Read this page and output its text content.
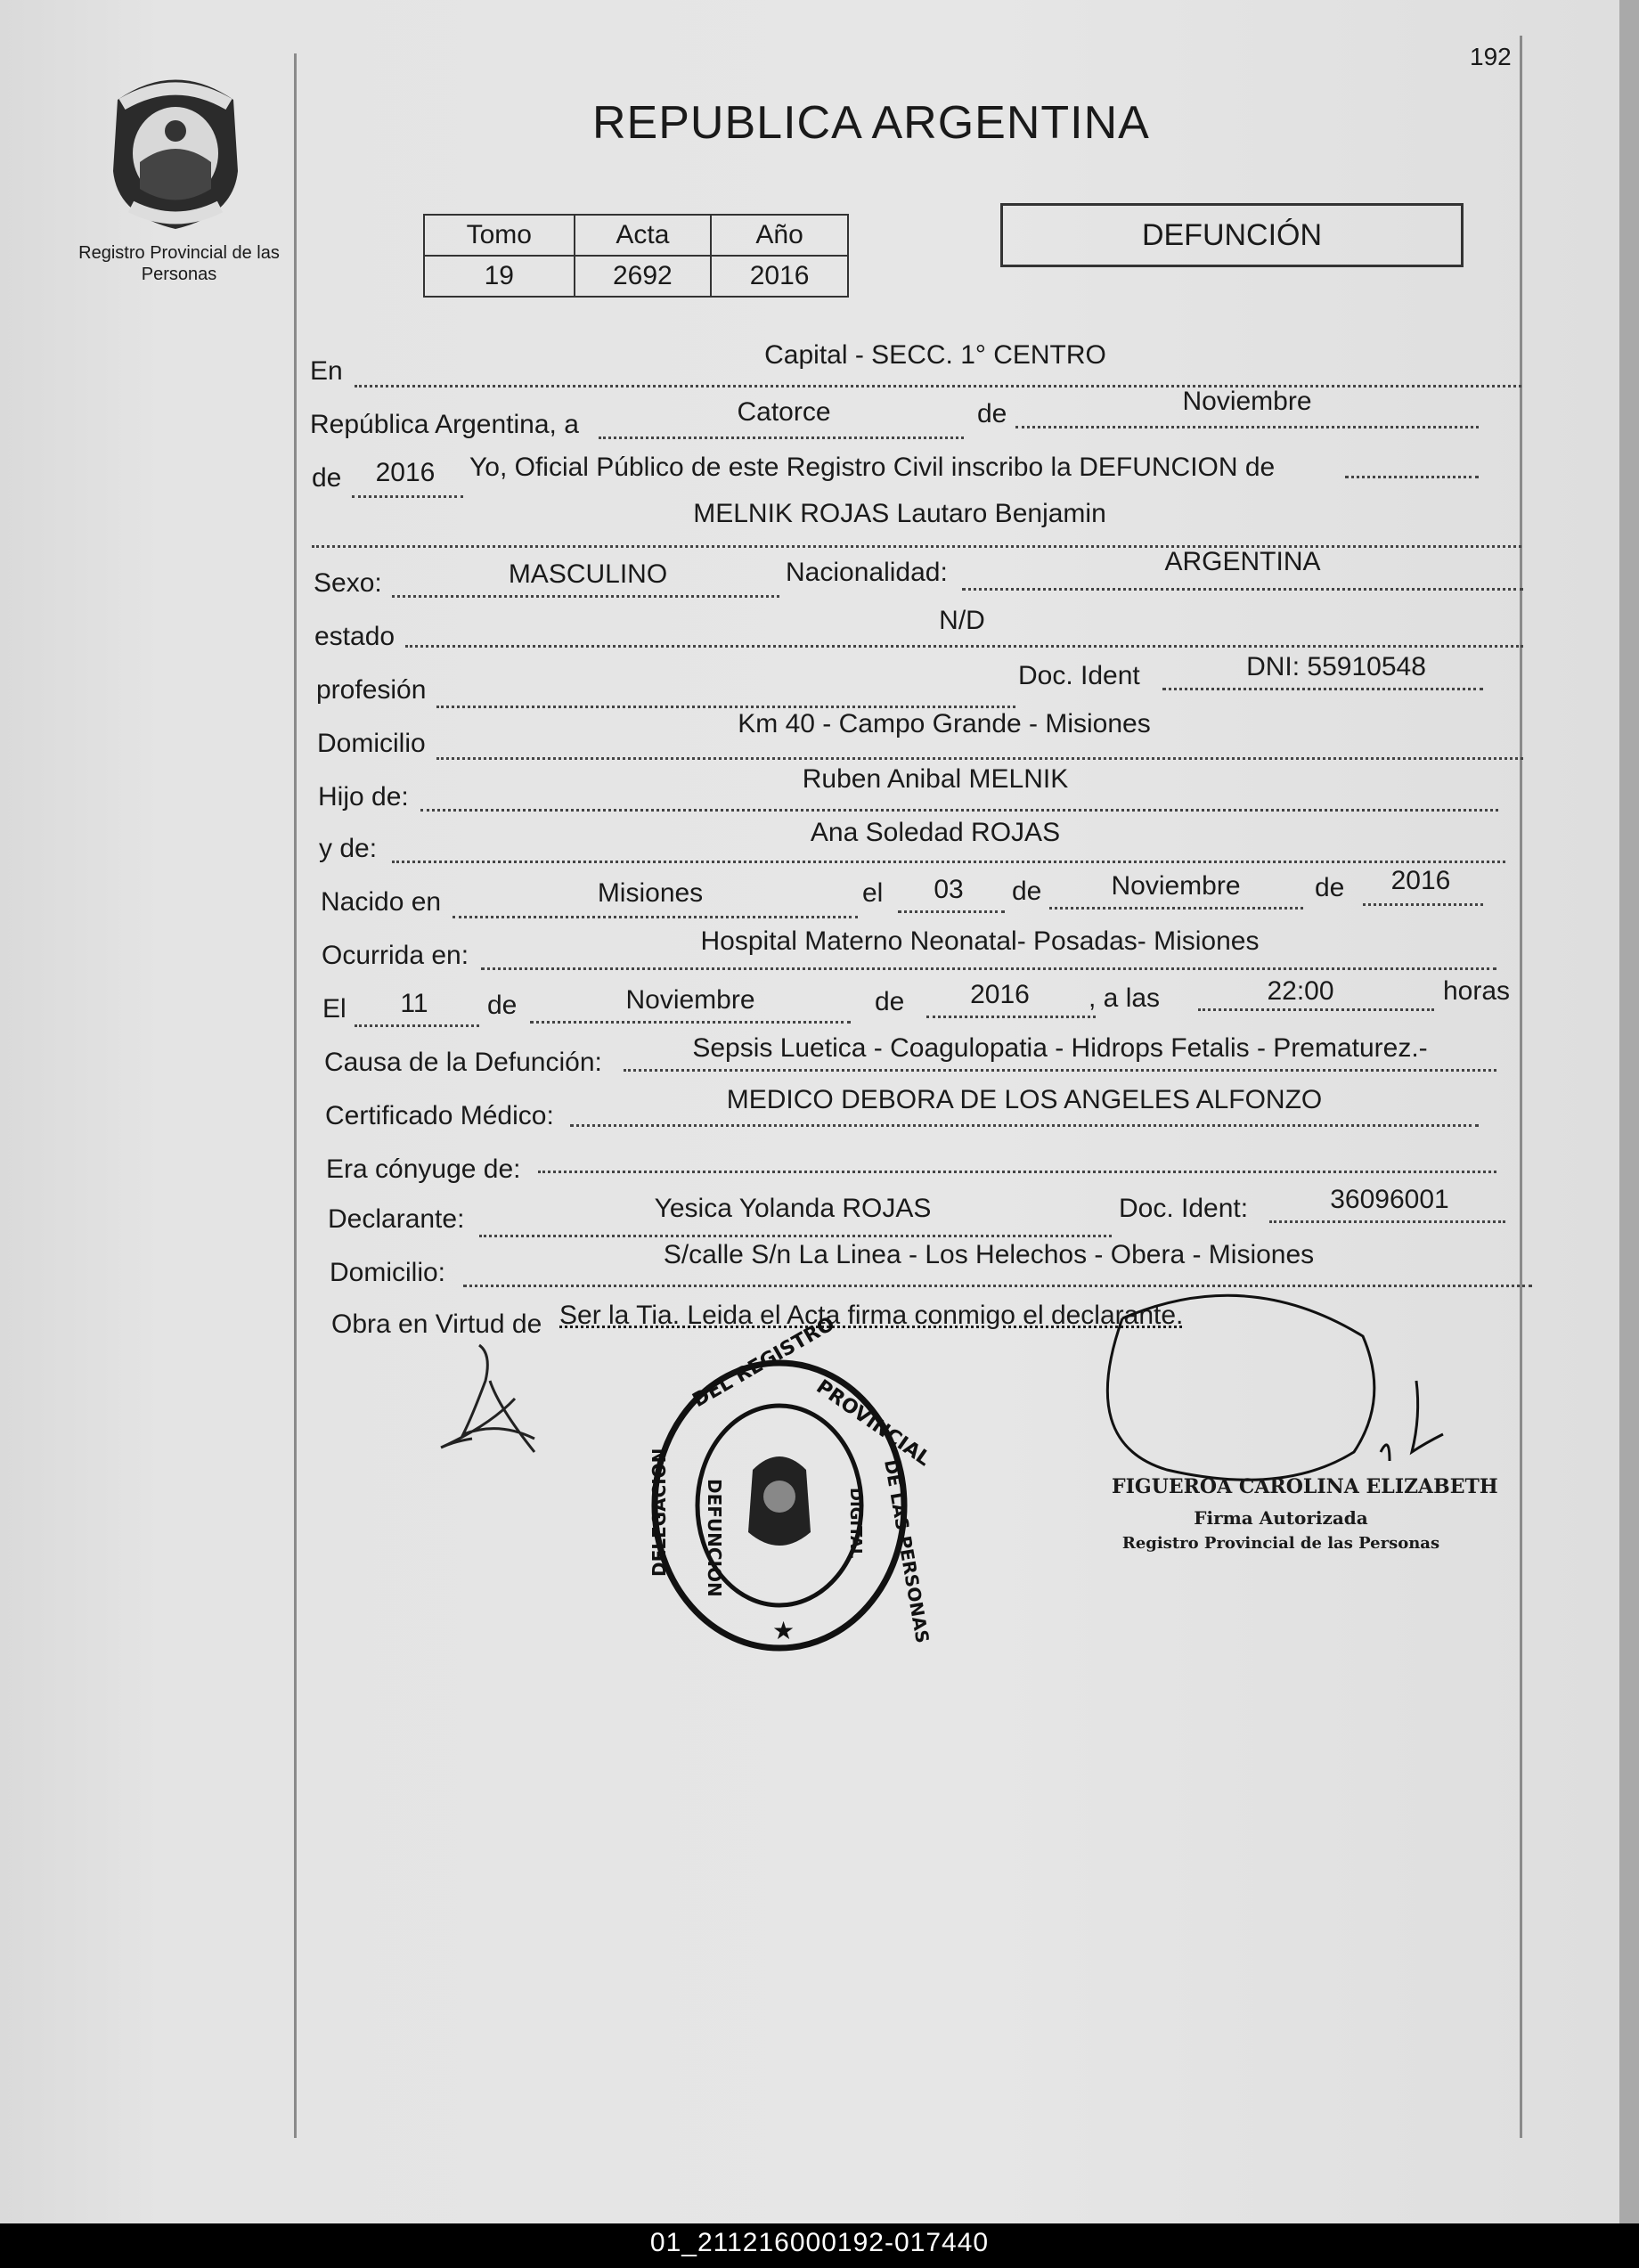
192
Registro Provincial de las Personas
REPUBLICA ARGENTINA
Tomo	Acta	Año
19	2692	2016
DEFUNCIÓN
En
Capital - SECC. 1° CENTRO
República Argentina, a	Catorce	de	Noviembre
de	2016	Yo, Oficial Público de este Registro Civil inscribo la DEFUNCION de
MELNIK ROJAS Lautaro Benjamin
Sexo:	MASCULINO	Nacionalidad:	ARGENTINA
estado
N/D
profesión	Doc. Ident	DNI: 55910548
Domicilio
Km 40 - Campo Grande - Misiones
Hijo de:
Ruben Anibal MELNIK
y de:
Ana Soledad ROJAS
Nacido en	Misiones	el	03	de	Noviembre	de	2016
Ocurrida en:	Hospital Materno Neonatal- Posadas- Misiones
El	11	de	Noviembre	de	2016	, a las	22:00	horas
Causa de la Defunción:	Sepsis Luetica - Coagulopatia - Hidrops Fetalis - Prematurez.-
Certificado Médico:
MEDICO DEBORA DE LOS ANGELES ALFONZO
Era cónyuge de:
Declarante:	Yesica Yolanda ROJAS	Doc. Ident:	36096001
Domicilio:
S/calle S/n La Linea - Los Helechos - Obera - Misiones
Obra en Virtud de Ser la Tia. Leida el Acta firma conmigo el declarante.
DEL REGISTRO
PROVINCIAL
DELEGACION	DE LAS PERSONAS
DEFUNCION	DIGITAL
★
FIGUEROA CAROLINA ELIZABETH
Firma Autorizada
Registro Provincial de las Personas
01_211216000192-017440
